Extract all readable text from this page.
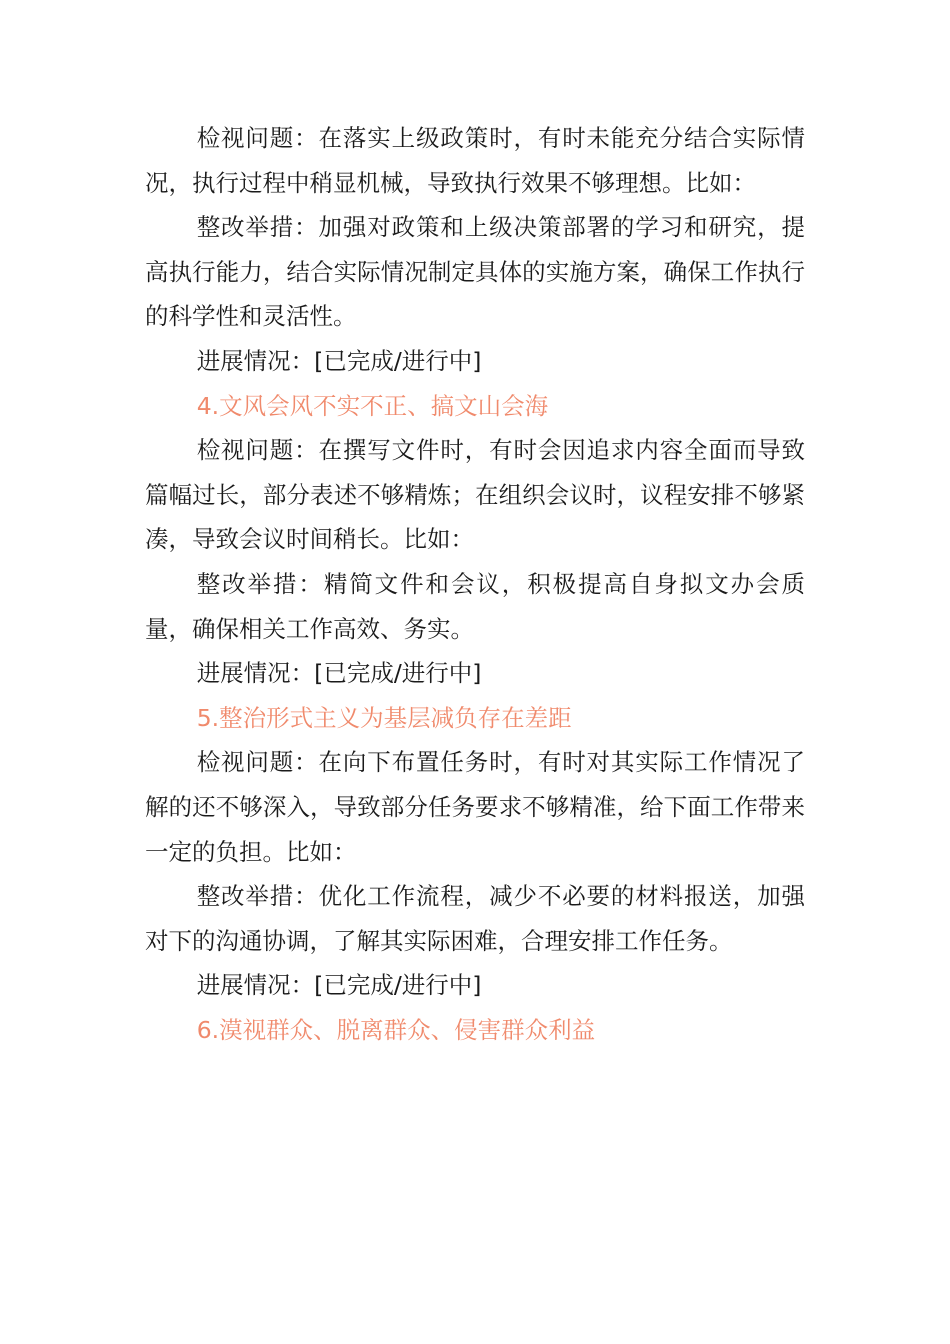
检视问题：在落实上级政策时，有时未能充分结合实际情况，执行过程中稍显机械，导致执行效果不够理想。比如：

整改举措：加强对政策和上级决策部署的学习和研究，提高执行能力，结合实际情况制定具体的实施方案，确保工作执行的科学性和灵活性。

进展情况：[已完成/进行中]

4.文风会风不实不正、搞文山会海

检视问题：在撰写文件时，有时会因追求内容全面而导致篇幅过长，部分表述不够精炼；在组织会议时，议程安排不够紧凑，导致会议时间稍长。比如：

整改举措：精简文件和会议，积极提高自身拟文办会质量，确保相关工作高效、务实。

进展情况：[已完成/进行中]

5.整治形式主义为基层减负存在差距

检视问题：在向下布置任务时，有时对其实际工作情况了解的还不够深入，导致部分任务要求不够精准，给下面工作带来一定的负担。比如：

整改举措：优化工作流程，减少不必要的材料报送，加强对下的沟通协调，了解其实际困难，合理安排工作任务。

进展情况：[已完成/进行中]

6.漠视群众、脱离群众、侵害群众利益
